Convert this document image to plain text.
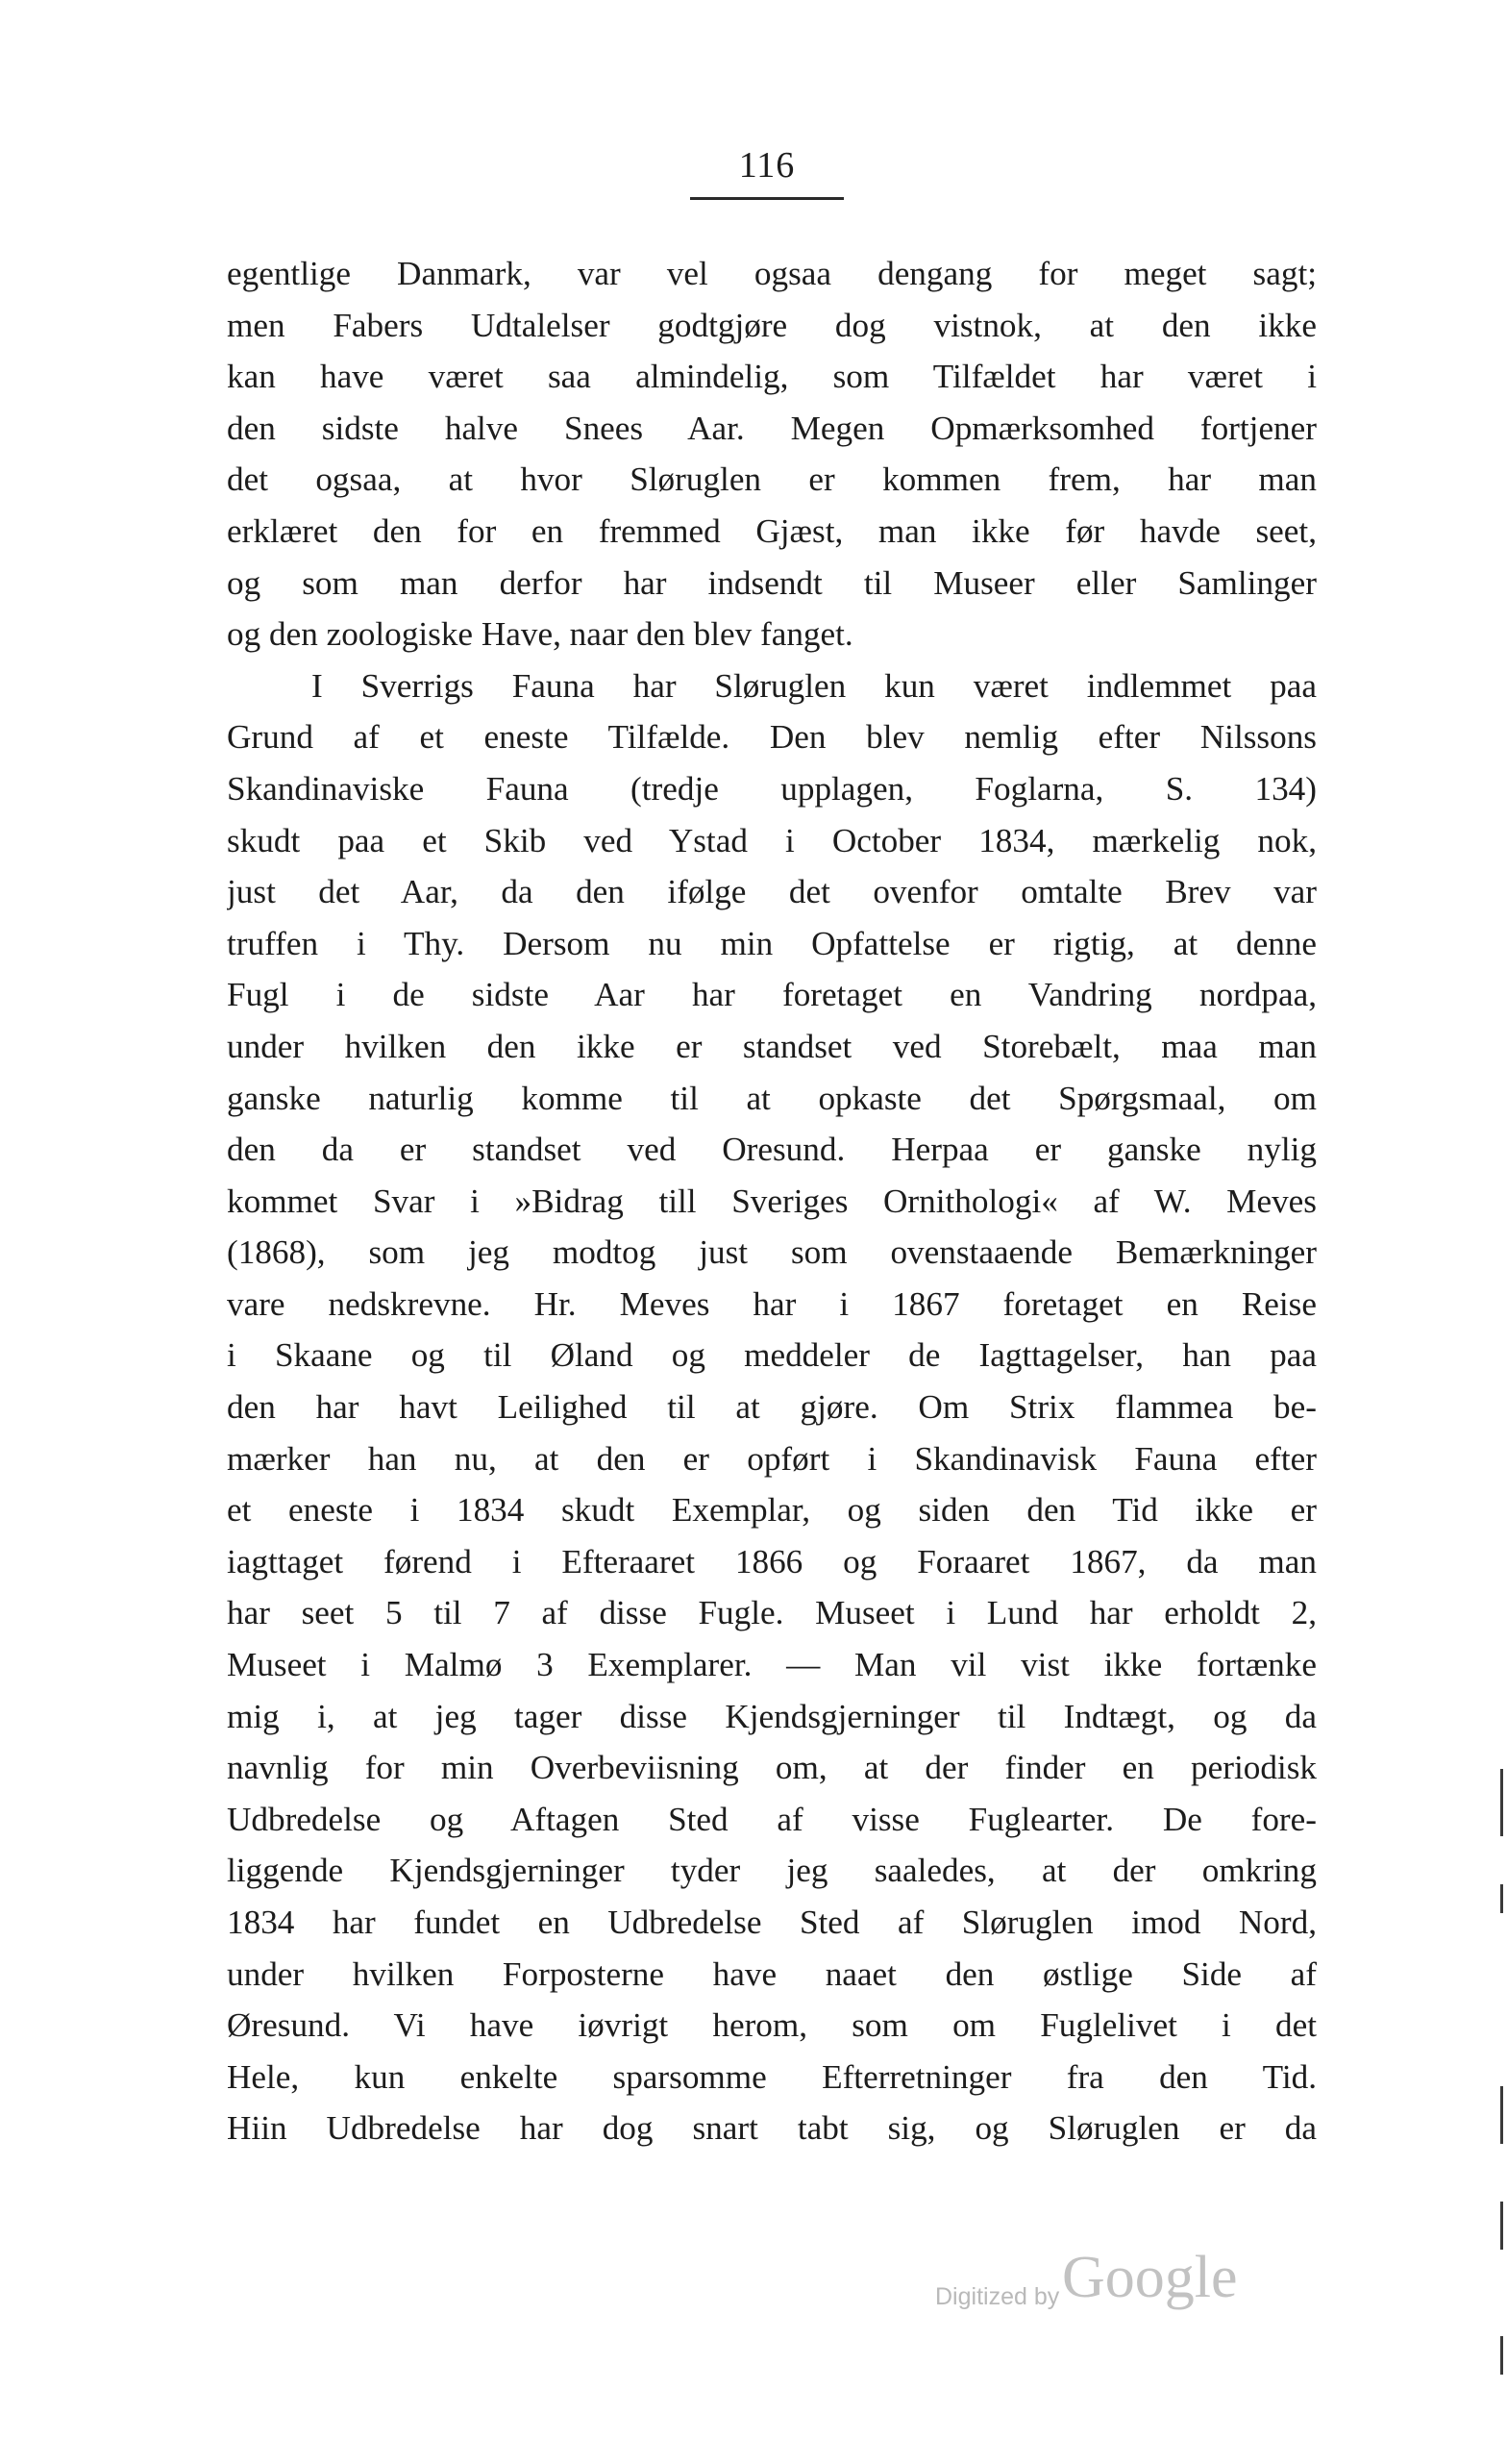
116
egentlige Danmark, var vel ogsaa dengang for meget sagt;
men Fabers Udtalelser godtgjøre dog vistnok, at den ikke
kan have været saa almindelig, som Tilfældet har været i
den sidste halve Snees Aar. Megen Opmærksomhed fortjener
det ogsaa, at hvor Sløruglen er kommen frem, har man
erklæret den for en fremmed Gjæst, man ikke før havde seet,
og som man derfor har indsendt til Museer eller Samlinger
og den zoologiske Have, naar den blev fanget.
I Sverrigs Fauna har Sløruglen kun været indlemmet paa
Grund af et eneste Tilfælde. Den blev nemlig efter Nilssons
Skandinaviske Fauna (tredje upplagen, Foglarna, S. 134)
skudt paa et Skib ved Ystad i October 1834, mærkelig nok,
just det Aar, da den ifølge det ovenfor omtalte Brev var
truffen i Thy. Dersom nu min Opfattelse er rigtig, at denne
Fugl i de sidste Aar har foretaget en Vandring nordpaa,
under hvilken den ikke er standset ved Storebælt, maa man
ganske naturlig komme til at opkaste det Spørgsmaal, om
den da er standset ved Oresund. Herpaa er ganske nylig
kommet Svar i »Bidrag till Sveriges Ornithologi« af W. Meves
(1868), som jeg modtog just som ovenstaaende Bemærkninger
vare nedskrevne. Hr. Meves har i 1867 foretaget en Reise
i Skaane og til Øland og meddeler de Iagttagelser, han paa
den har havt Leilighed til at gjøre. Om Strix flammea be-
mærker han nu, at den er opført i Skandinavisk Fauna efter
et eneste i 1834 skudt Exemplar, og siden den Tid ikke er
iagttaget førend i Efteraaret 1866 og Foraaret 1867, da man
har seet 5 til 7 af disse Fugle. Museet i Lund har erholdt 2,
Museet i Malmø 3 Exemplarer. — Man vil vist ikke fortænke
mig i, at jeg tager disse Kjendsgjerninger til Indtægt, og da
navnlig for min Overbeviisning om, at der finder en periodisk
Udbredelse og Aftagen Sted af visse Fuglearter. De fore-
liggende Kjendsgjerninger tyder jeg saaledes, at der omkring
1834 har fundet en Udbredelse Sted af Sløruglen imod Nord,
under hvilken Forposterne have naaet den østlige Side af
Øresund. Vi have iøvrigt herom, som om Fuglelivet i det
Hele, kun enkelte sparsomme Efterretninger fra den Tid.
Hiin Udbredelse har dog snart tabt sig, og Sløruglen er da
Digitized by Google
